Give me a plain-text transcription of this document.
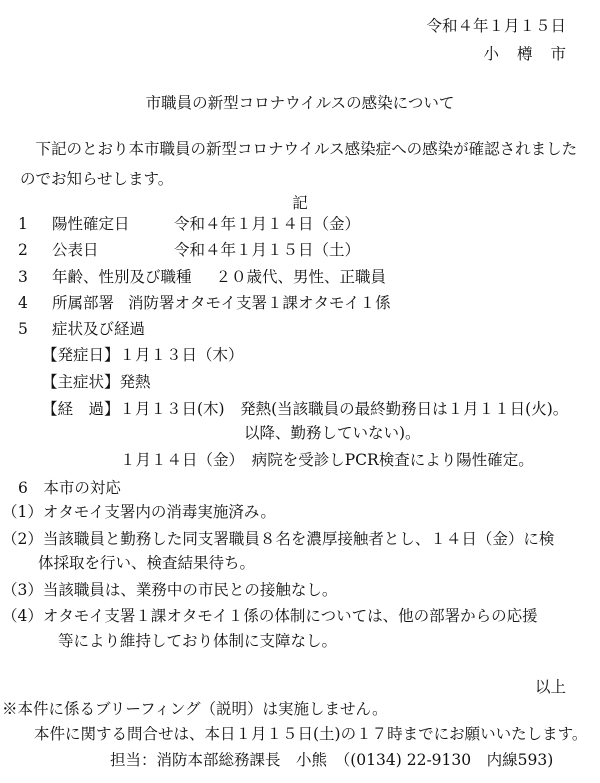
令和４年１月１５日
小樽市
市職員の新型コロナウイルスの感染について
下記のとおり本市職員の新型コロナウイルス感染症への感染が確認されましたのでお知らせします。
記
1 陽性確定日	令和４年１月１４日（金）
2 公表日	令和４年１月１５日（土）
3 年齢、性別及び職種 ２０歳代、男性、正職員
4 所属部署 消防署オタモイ支署１課オタモイ１係
5 症状及び経過
【発症日】１月１３日（木）
【主症状】発熱
【経　過】１月１３日(木)　発熱(当該職員の最終勤務日は１月１１日(火)。
以降、勤務していない)。
１月１４日（金）　病院を受診しPCR検査により陽性確定。
6　本市の対応
（1）オタモイ支署内の消毒実施済み。
（2）当該職員と勤務した同支署職員８名を濃厚接触者とし、１４日（金）に検
体採取を行い、検査結果待ち。
（3）当該職員は、業務中の市民との接触なし。
（4）オタモイ支署１課オタモイ１係の体制については、他の部署からの応援
等により維持しており体制に支障なし。
以上
※本件に係るブリーフィング（説明）は実施しません。
本件に関する問合せは、本日１月１５日(土)の１７時までにお願いいたします。
担当：消防本部総務課長　小熊　（(0134) 22-9130　内線593)
